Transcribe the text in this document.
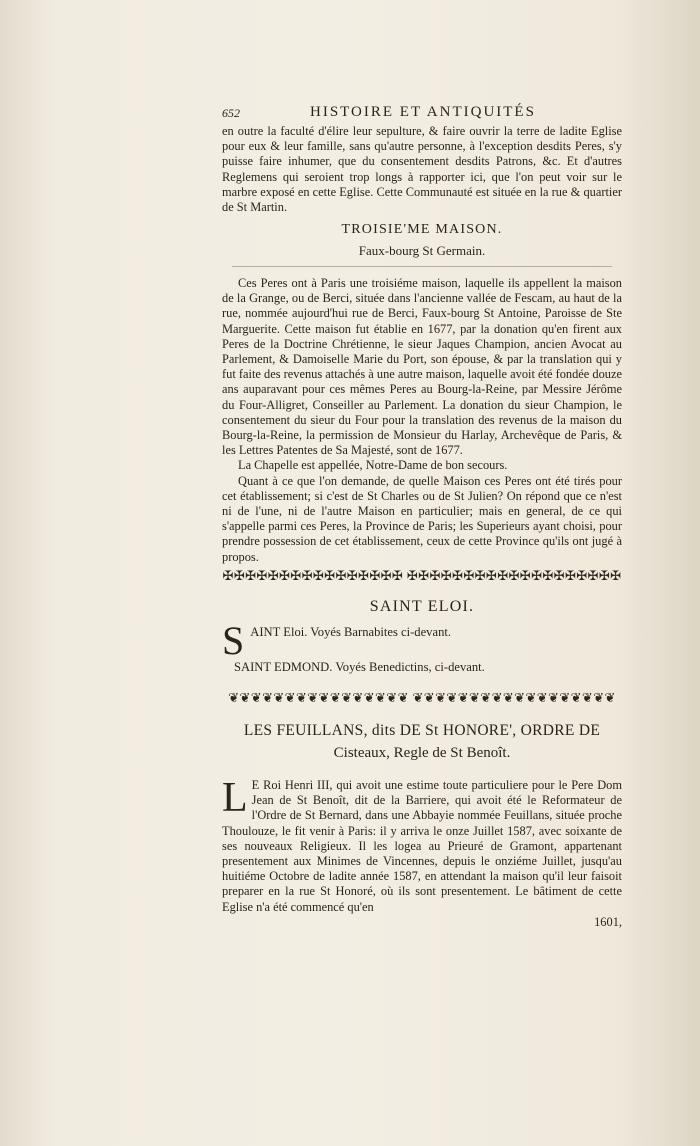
652	HISTOIRE ET ANTIQUITÉS

en outre la faculté d'élire leur sepulture, & faire ouvrir la terre de ladite Eglise pour eux & leur famille, sans qu'autre personne, à l'exception desdits Peres, s'y puisse faire inhumer, que du consentement desdits Patrons, &c. Et d'autres Reglemens qui seroient trop longs à rapporter ici, que l'on peut voir sur le marbre exposé en cette Eglise. Cette Communauté est située en la rue & quartier de St Martin.

TROISIE'ME MAISON.
Faux-bourg St Germain.

Ces Peres ont à Paris une troisiéme maison, laquelle ils appellent la maison de la Grange, ou de Berci, située dans l'ancienne vallée de Fescam, au haut de la rue, nommée aujourd'hui rue de Berci, Faux-bourg St Antoine, Paroisse de Ste Marguerite. Cette maison fut établie en 1677, par la donation qu'en firent aux Peres de la Doctrine Chrétienne, le sieur Jaques Champion, ancien Avocat au Parlement, & Damoiselle Marie du Port, son épouse, & par la translation qui y fut faite des revenus attachés à une autre maison, laquelle avoit été fondée douze ans auparavant pour ces mêmes Peres au Bourg-la-Reine, par Messire Jérôme du Four-Alligret, Conseiller au Parlement. La donation du sieur Champion, le consentement du sieur du Four pour la translation des revenus de la maison du Bourg-la-Reine, la permission de Monsieur du Harlay, Archevêque de Paris, & les Lettres Patentes de Sa Majesté, sont de 1677.

La Chapelle est appellée, Notre-Dame de bon secours.

Quant à ce que l'on demande, de quelle Maison ces Peres ont été tirés pour cet établissement; si c'est de St Charles ou de St Julien? On répond que ce n'est ni de l'une, ni de l'autre Maison en particulier; mais en general, de ce qui s'appelle parmi ces Peres, la Province de Paris; les Superieurs ayant choisi, pour prendre possession de cet établissement, ceux de cette Province qu'ils ont jugé à propos.

✠✠✠✠✠✠✠✠✠✠✠✠✠✠✠✠ ✠✠✠✠✠✠✠✠✠✠✠✠✠✠✠✠✠✠✠
SAINT ELOI.
S AINT Eloi. Voyés Barnabites ci-devant.
SAINT EDMOND. Voyés Benedictins, ci-devant.
❦❦❦❦❦❦❦❦❦❦❦❦❦❦❦❦ ❦❦❦❦❦❦❦❦❦❦❦❦❦❦❦❦❦❦
LES FEUILLANS, dits DE St HONORE', ORDRE DE
Cisteaux, Regle de St Benoît.

L E Roi Henri III, qui avoit une estime toute particuliere pour le Pere Dom Jean de St Benoît, dit de la Barriere, qui avoit été le Reformateur de l'Ordre de St Bernard, dans une Abbayie nommée Feuillans, située proche Thoulouze, le fit venir à Paris: il y arriva le onze Juillet 1587, avec soixante de ses nouveaux Religieux. Il les logea au Prieuré de Gramont, appartenant presentement aux Minimes de Vincennes, depuis le onziéme Juillet, jusqu'au huitiéme Octobre de ladite année 1587, en attendant la maison qu'il leur faisoit preparer en la rue St Honoré, où ils sont presentement. Le bâtiment de cette Eglise n'a été commencé qu'en

1601,
